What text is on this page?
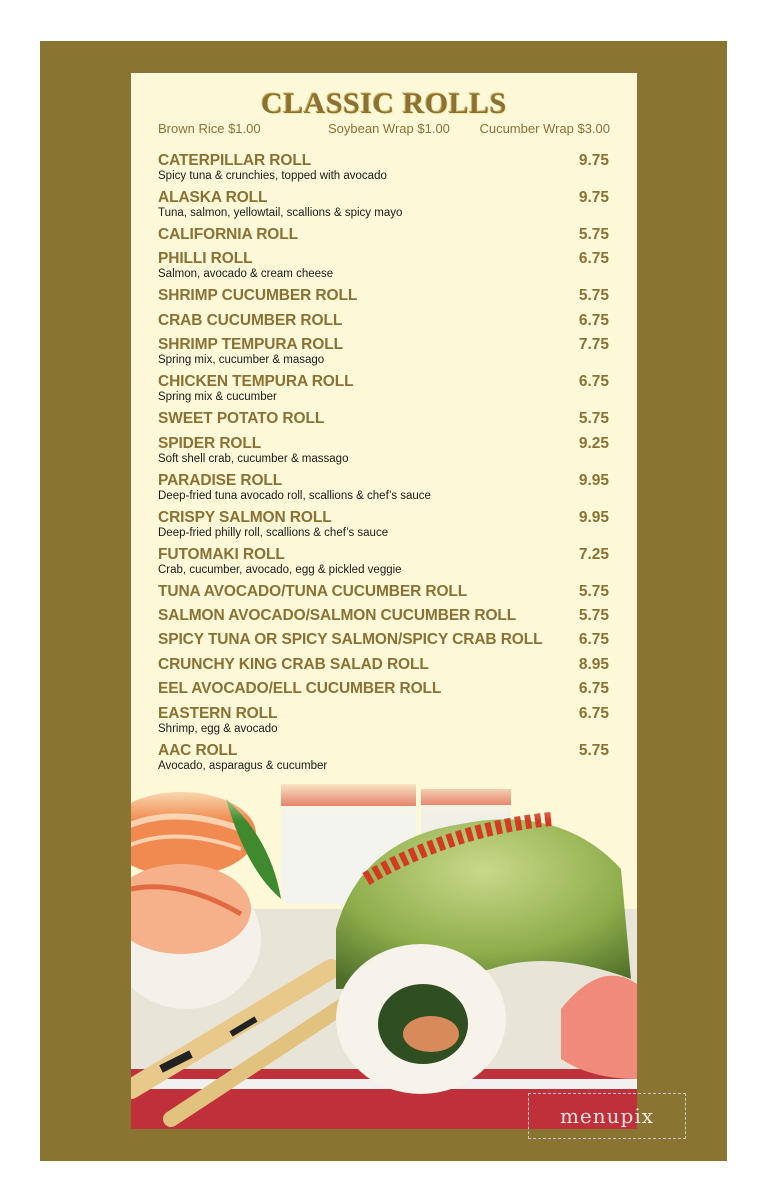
CLASSIC ROLLS
Brown Rice $1.00	Soybean Wrap $1.00 Cucumber Wrap $3.00
CATERPILLAR ROLL	9.75
Spicy tuna & crunchies, topped with avocado
ALASKA ROLL	9.75
Tuna, salmon, yellowtail, scallions & spicy mayo
CALIFORNIA ROLL	5.75
PHILLI ROLL	6.75
Salmon, avocado & cream cheese
SHRIMP CUCUMBER ROLL	5.75
CRAB CUCUMBER ROLL	6.75
SHRIMP TEMPURA ROLL	7.75
Spring mix, cucumber & masago
CHICKEN TEMPURA ROLL	6.75
Spring mix & cucumber
SWEET POTATO ROLL	5.75
SPIDER ROLL	9.25
Soft shell crab, cucumber & massago
PARADISE ROLL	9.95
Deep-fried tuna avocado roll, scallions & chef’s sauce
CRISPY SALMON ROLL	9.95
Deep-fried philly roll, scallions & chef’s sauce
FUTOMAKI ROLL	7.25
Crab, cucumber, avocado, egg & pickled veggie
TUNA AVOCADO/TUNA CUCUMBER ROLL	5.75
SALMON AVOCADO/SALMON CUCUMBER ROLL	5.75
SPICY TUNA OR SPICY SALMON/SPICY CRAB ROLL	6.75
CRUNCHY KING CRAB SALAD ROLL	8.95
EEL AVOCADO/ELL CUCUMBER ROLL	6.75
EASTERN ROLL	6.75
Shrimp, egg & avocado
AAC ROLL	5.75
Avocado, asparagus & cucumber
menupix
